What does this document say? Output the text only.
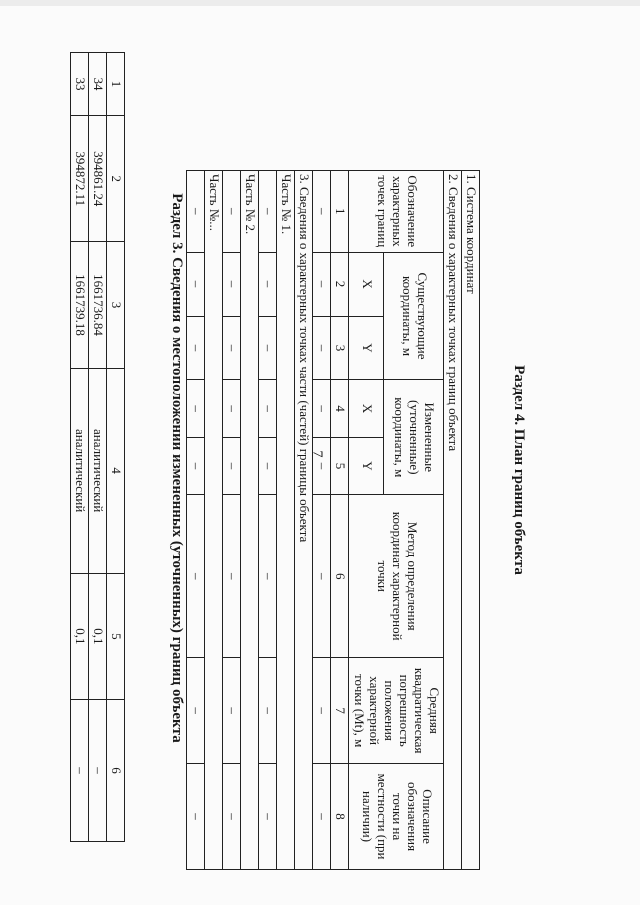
7
1	2	3	4	5	6
34	394861.24	1661736.84	аналитический	0,1	–
33	394872.11	1661739.18	аналитический	0,1	–
Раздел 3. Сведения о местоположении измененных (уточненных) границ объекта	1. Система координат							
2. Сведения о характерных точках границ объекта							
Обозначение характерных точек границ	Существующие координаты, м		Измененные (уточненные) координаты, м		Метод определения координат характерной точки	Средняя квадратическая погрешность положения характерной точки (Mt), м	Описание обозначения точки на местности (при наличии)
	X	Y	X	Y			
1	2	3	4	5	6	7	8
–	–	–	–	–	–	–	–
3. Сведения о характерных точках части (частей) границы объекта							
Часть № 1.							
–	–	–	–	–	–	–	–
Часть № 2.							
–	–	–	–	–	–	–	–
Часть №...							
–	–	–	–	–	–	–	–
Раздел 4. План границ объекта
